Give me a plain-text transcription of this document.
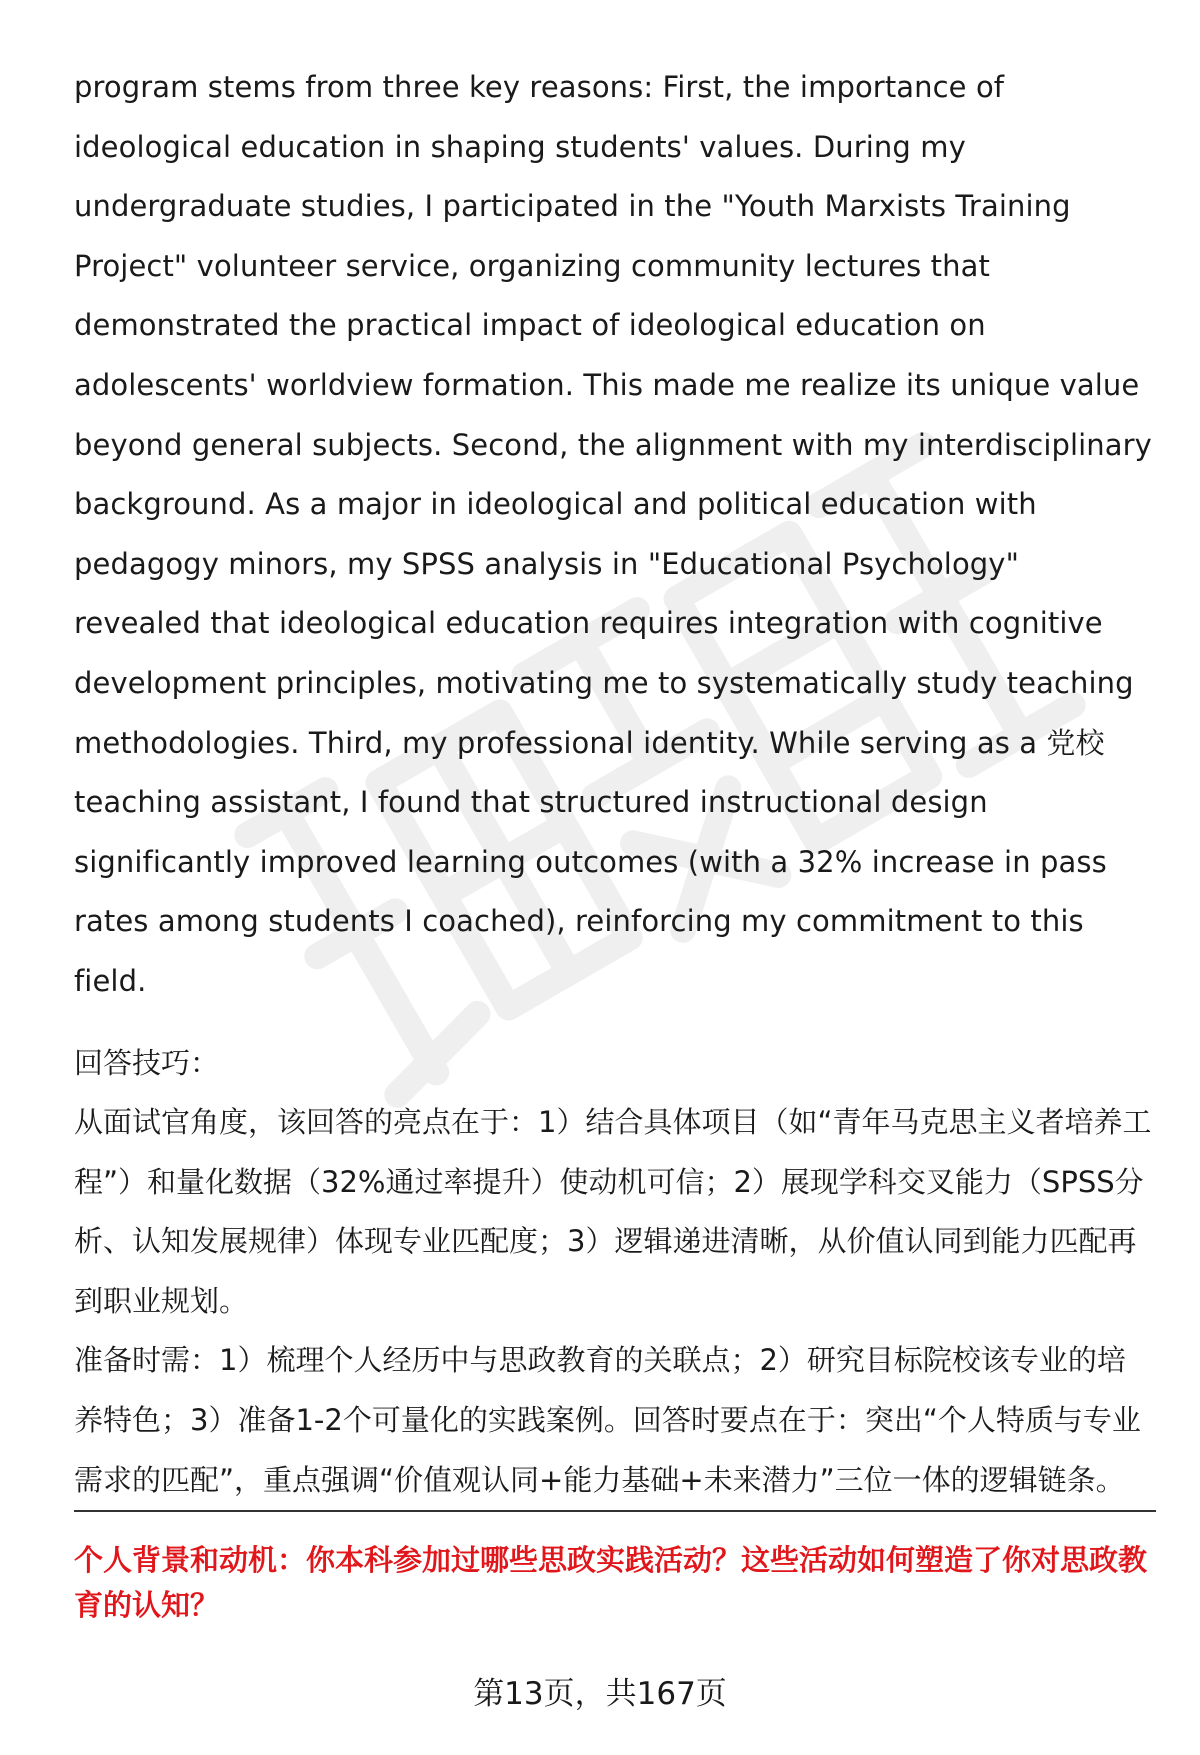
program stems from three key reasons: First, the importance of ideological education in shaping students' values. During my undergraduate studies, I participated in the "Youth Marxists Training Project" volunteer service, organizing community lectures that demonstrated the practical impact of ideological education on adolescents' worldview formation. This made me realize its unique value beyond general subjects. Second, the alignment with my interdisciplinary background. As a major in ideological and political education with pedagogy minors, my SPSS analysis in "Educational Psychology" revealed that ideological education requires integration with cognitive development principles, motivating me to systematically study teaching methodologies. Third, my professional identity. While serving as a 党校 teaching assistant, I found that structured instructional design significantly improved learning outcomes (with a 32% increase in pass rates among students I coached), reinforcing my commitment to this field.

回答技巧：

从面试官角度，该回答的亮点在于：1）结合具体项目（如“青年马克思主义者培养工程”）和量化数据（32%通过率提升）使动机可信；2）展现学科交叉能力（SPSS分析、认知发展规律）体现专业匹配度；3）逻辑递进清晰，从价值认同到能力匹配再到职业规划。

准备时需：1）梳理个人经历中与思政教育的关联点；2）研究目标院校该专业的培养特色；3）准备1-2个可量化的实践案例。回答时要点在于：突出“个人特质与专业需求的匹配”，重点强调“价值观认同+能力基础+未来潜力”三位一体的逻辑链条。

个人背景和动机：你本科参加过哪些思政实践活动？这些活动如何塑造了你对思政教育的认知？

第13页，共167页
